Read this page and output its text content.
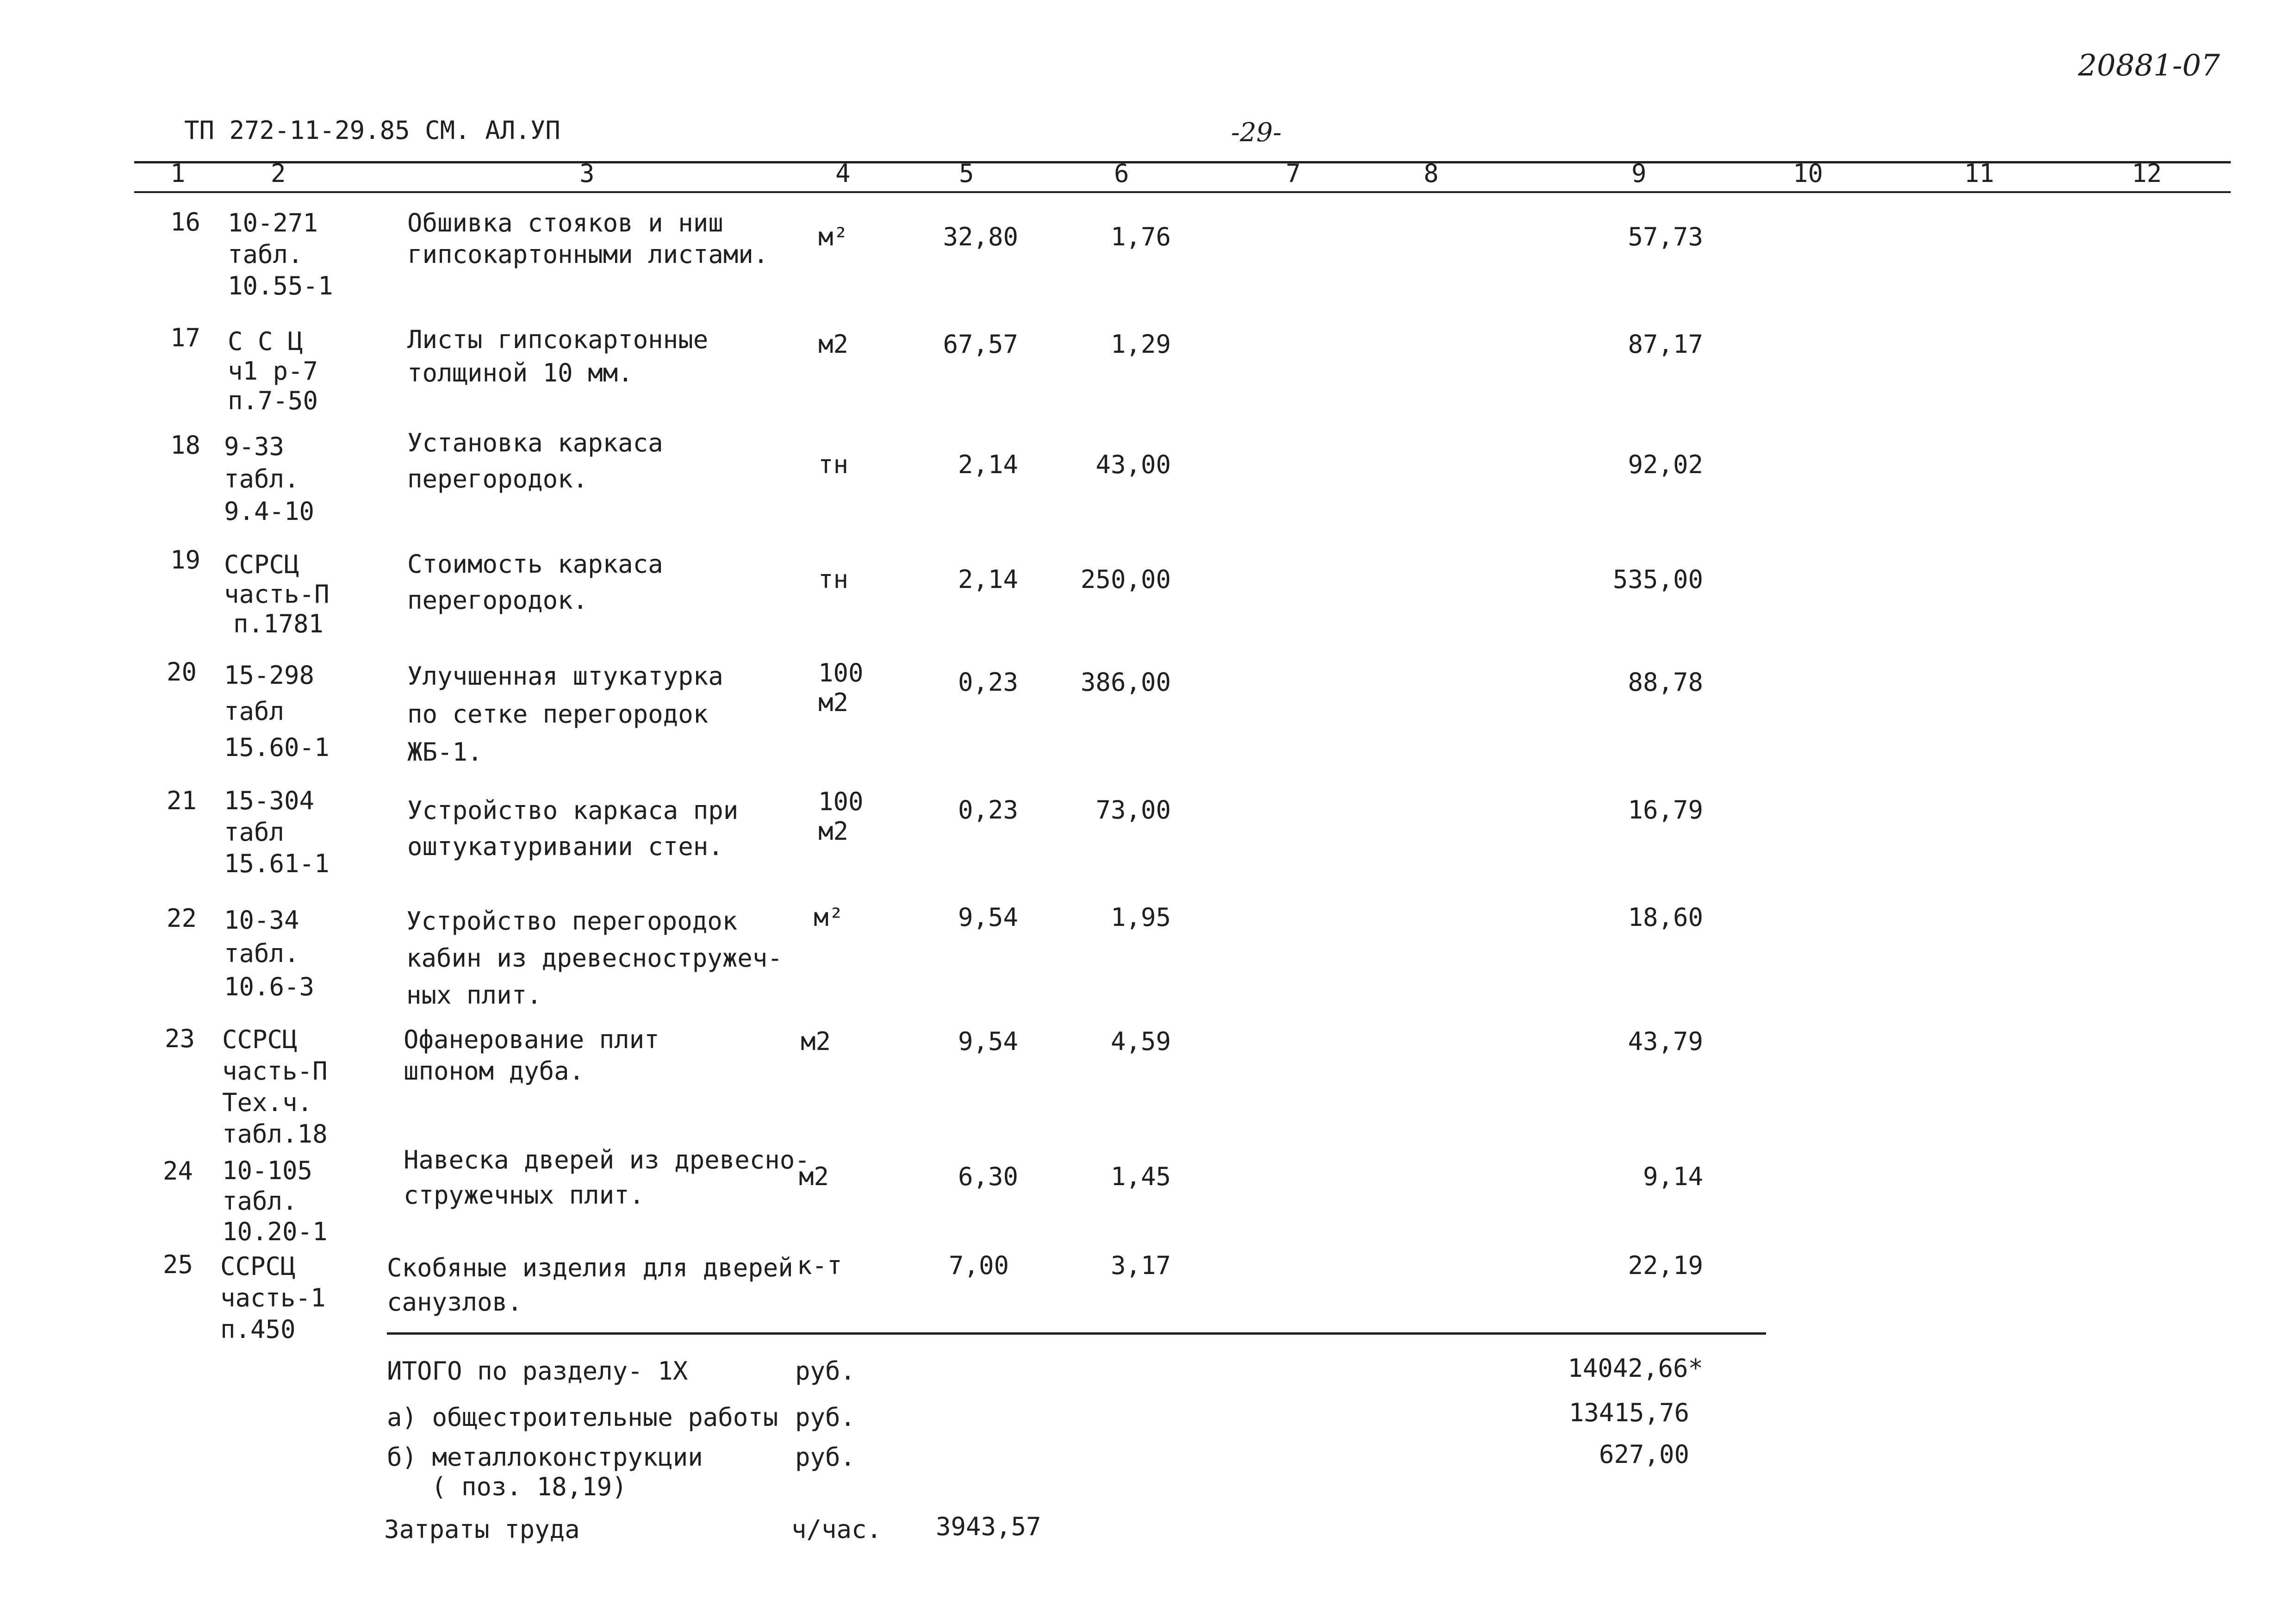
20881-07
-29-
ТП 272-11-29.85 СМ. АЛ.УП
1	2	3	4	5	6	7	8	9	10	11	12
16 10-271
табл.
10.55-1
Обшивка стояков и ниш
гипсокартонными листами.
м²	32,80	1,76	57,73
17 С С Ц
ч1 р-7
п.7-50
Листы гипсокартонные
толщиной 10 мм.
м2	67,57	1,29	87,17
18 9-33
табл.
9.4-10
Установка каркаса
перегородок.	тн	2,14	43,00	92,02
19 ССРСЦ
часть-П
п.1781
Стоимость каркаса
перегородок.
тн	2,14 250,00	535,00
20 15-298
табл
15.60-1
Улучшенная штукатурка
по сетке перегородок
ЖБ-1.
100
м2
0,23 386,00	88,78
21 15-304
табл
15.61-1
Устройство каркаса при
оштукатуривании стен.
100
м2
0,23	73,00	16,79
22 10-34
табл.
10.6-3
Устройство перегородок
кабин из древесностружеч-
ных плит.
м²	9,54	1,95	18,60
23 ССРСЦ
часть-П
Тех.ч.
табл.18
Офанерование плит
шпоном дуба.
м2	9,54	4,59	43,79
24 10-105
табл.
10.20-1
Навеска дверей из древесно-
стружечных плит.
м2	6,30	1,45	9,14
25 ССРСЦ
часть-1
п.450
Скобяные изделия для дверей
санузлов.
к-т	7,00	3,17	22,19
ИТОГО по разделу- 1Х	руб.	14042,66*
а) общестроительные работы руб.	13415,76
б) металлоконструкции
( поз. 18,19)
руб.	627,00
Затраты труда	ч/час. 3943,57
